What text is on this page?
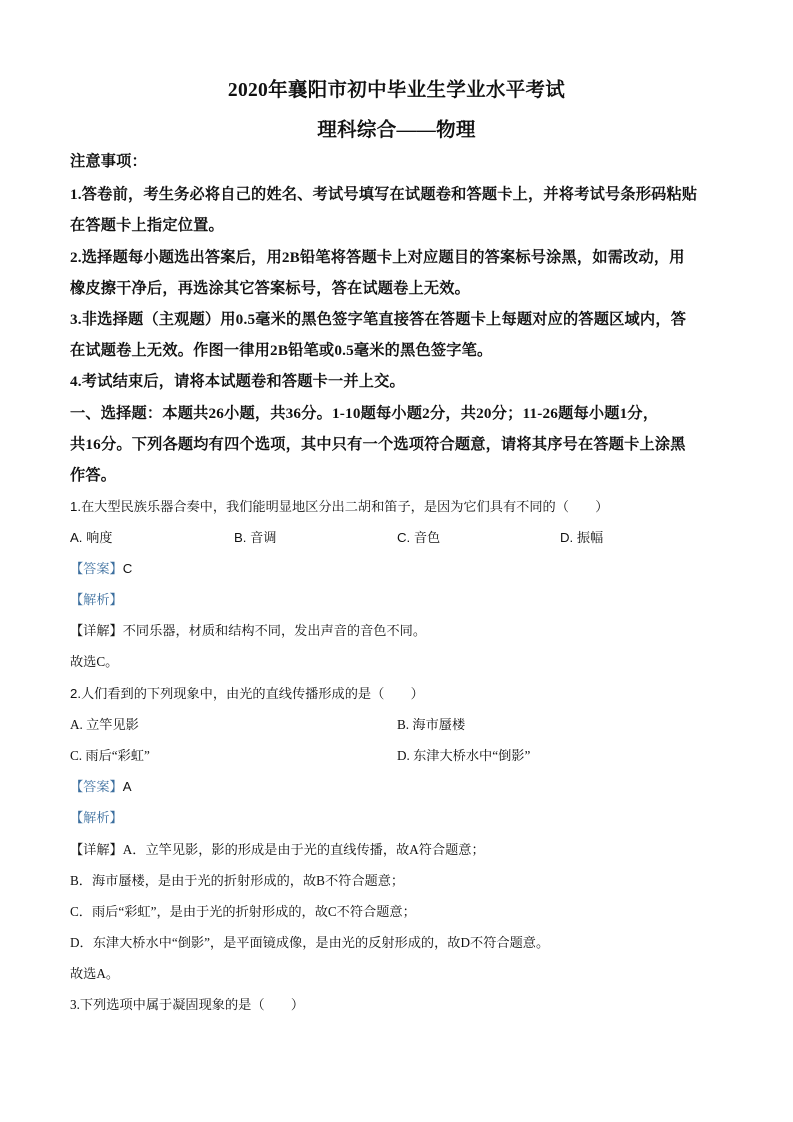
2020年襄阳市初中毕业生学业水平考试
理科综合——物理
注意事项：
1.答卷前，考生务必将自己的姓名、考试号填写在试题卷和答题卡上，并将考试号条形码粘贴
在答题卡上指定位置。
2.选择题每小题选出答案后，用2B铅笔将答题卡上对应题目的答案标号涂黑，如需改动，用
橡皮擦干净后，再选涂其它答案标号，答在试题卷上无效。
3.非选择题（主观题）用0.5毫米的黑色签字笔直接答在答题卡上每题对应的答题区域内，答
在试题卷上无效。作图一律用2B铅笔或0.5毫米的黑色签字笔。
4.考试结束后，请将本试题卷和答题卡一并上交。
一、选择题：本题共26小题，共36分。1-10题每小题2分，共20分；11-26题每小题1分，
共16分。下列各题均有四个选项，其中只有一个选项符合题意，请将其序号在答题卡上涂黑
作答。
1.在大型民族乐器合奏中，我们能明显地区分出二胡和笛子，是因为它们具有不同的（　　）
A. 响度	B. 音调	C. 音色	D. 振幅
【答案】C
【解析】
【详解】不同乐器，材质和结构不同，发出声音的音色不同。
故选C。
2.人们看到的下列现象中，由光的直线传播形成的是（　　）
A. 立竿见影	B. 海市蜃楼
C. 雨后“彩虹”	D. 东津大桥水中“倒影”
【答案】A
【解析】
【详解】A．立竿见影，影的形成是由于光的直线传播，故A符合题意；
B．海市蜃楼，是由于光的折射形成的，故B不符合题意；
C．雨后“彩虹”，是由于光的折射形成的，故C不符合题意；
D．东津大桥水中“倒影”，是平面镜成像，是由光的反射形成的，故D不符合题意。
故选A。
3.下列选项中属于凝固现象的是（　　）
